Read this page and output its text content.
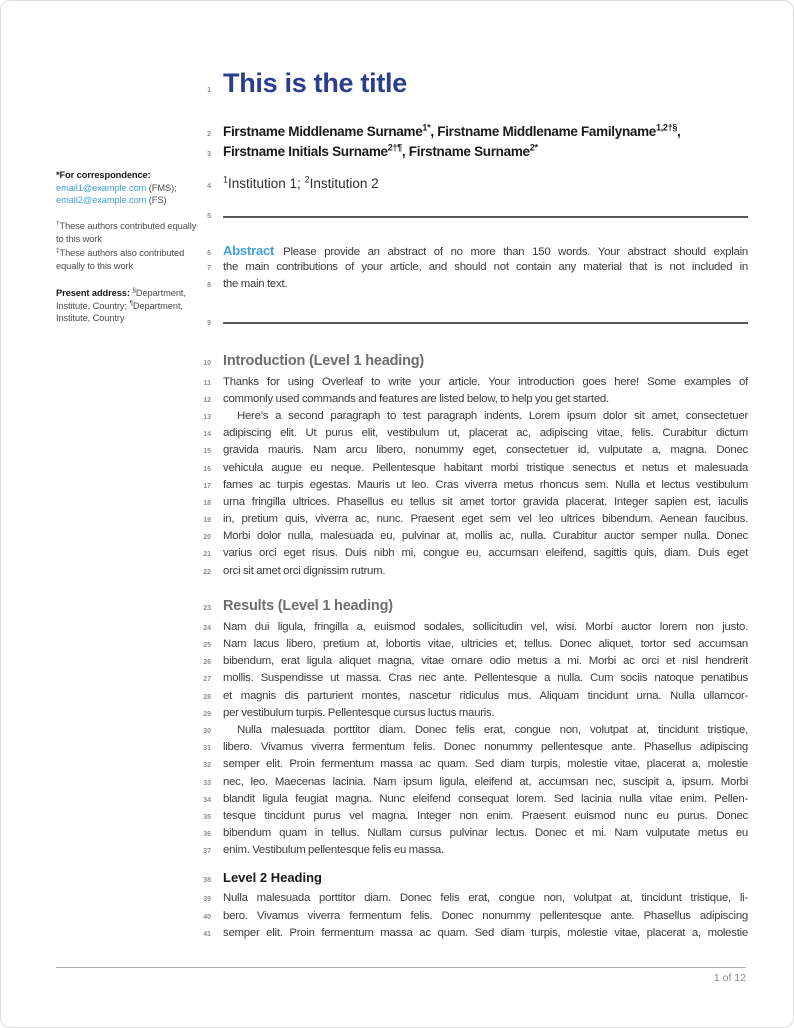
*For correspondence:
email1@example.com (FMS);
email2@example.com (FS)
†These authors contributed equally to this work
‡These authors also contributed equally to this work
Present address: §Department, Institute, Country; ¶Department, Institute, Country
1 This is the title
2 Firstname Middlename Surname$^{1*}$, Firstname Middlename Familyname$^{1,2\dagger\S}$,
3 Firstname Initials Surname$^{2\dagger\P}$, Firstname Surname$^{2*}$
4
$^1$Institution 1; $^2$Institution 2
5
6 Abstract Please provide an abstract of no more than 150 words. Your abstract should explain
7 the main contributions of your article, and should not contain any material that is not included in
8 the main text.
9
10 Introduction (Level 1 heading)
11 Thanks for using Overleaf to write your article. Your introduction goes here! Some examples of
12 commonly used commands and features are listed below, to help you get started.
13	Here’s a second paragraph to test paragraph indents. Lorem ipsum dolor sit amet, consectetuer
14 adipiscing elit. Ut purus elit, vestibulum ut, placerat ac, adipiscing vitae, felis. Curabitur dictum
15 gravida mauris. Nam arcu libero, nonummy eget, consectetuer id, vulputate a, magna. Donec
16 vehicula augue eu neque. Pellentesque habitant morbi tristique senectus et netus et malesuada
17 fames ac turpis egestas. Mauris ut leo. Cras viverra metus rhoncus sem. Nulla et lectus vestibulum
18 urna fringilla ultrices. Phasellus eu tellus sit amet tortor gravida placerat. Integer sapien est, iaculis
19 in, pretium quis, viverra ac, nunc. Praesent eget sem vel leo ultrices bibendum. Aenean faucibus.
20 Morbi dolor nulla, malesuada eu, pulvinar at, mollis ac, nulla. Curabitur auctor semper nulla. Donec
21 varius orci eget risus. Duis nibh mi, congue eu, accumsan eleifend, sagittis quis, diam. Duis eget
22 orci sit amet orci dignissim rutrum.
23 Results (Level 1 heading)
24 Nam dui ligula, fringilla a, euismod sodales, sollicitudin vel, wisi. Morbi auctor lorem non justo.
25 Nam lacus libero, pretium at, lobortis vitae, ultricies et, tellus. Donec aliquet, tortor sed accumsan
26 bibendum, erat ligula aliquet magna, vitae ornare odio metus a mi. Morbi ac orci et nisl hendrerit
27 mollis. Suspendisse ut massa. Cras nec ante. Pellentesque a nulla. Cum sociis natoque penatibus
28 et magnis dis parturient montes, nascetur ridiculus mus. Aliquam tincidunt urna. Nulla ullamcor-
29 per vestibulum turpis. Pellentesque cursus luctus mauris.
30	Nulla malesuada porttitor diam. Donec felis erat, congue non, volutpat at, tincidunt tristique,
31 libero. Vivamus viverra fermentum felis. Donec nonummy pellentesque ante. Phasellus adipiscing
32 semper elit. Proin fermentum massa ac quam. Sed diam turpis, molestie vitae, placerat a, molestie
33 nec, leo. Maecenas lacinia. Nam ipsum ligula, eleifend at, accumsan nec, suscipit a, ipsum. Morbi
34 blandit ligula feugiat magna. Nunc eleifend consequat lorem. Sed lacinia nulla vitae enim. Pellen-
35 tesque tincidunt purus vel magna. Integer non enim. Praesent euismod nunc eu purus. Donec
36 bibendum quam in tellus. Nullam cursus pulvinar lectus. Donec et mi. Nam vulputate metus eu
37 enim. Vestibulum pellentesque felis eu massa.
38 Level 2 Heading
39 Nulla malesuada porttitor diam. Donec felis erat, congue non, volutpat at, tincidunt tristique, li-
40 bero. Vivamus viverra fermentum felis. Donec nonummy pellentesque ante. Phasellus adipiscing
41 semper elit. Proin fermentum massa ac quam. Sed diam turpis, molestie vitae, placerat a, molestie
1 of 12
